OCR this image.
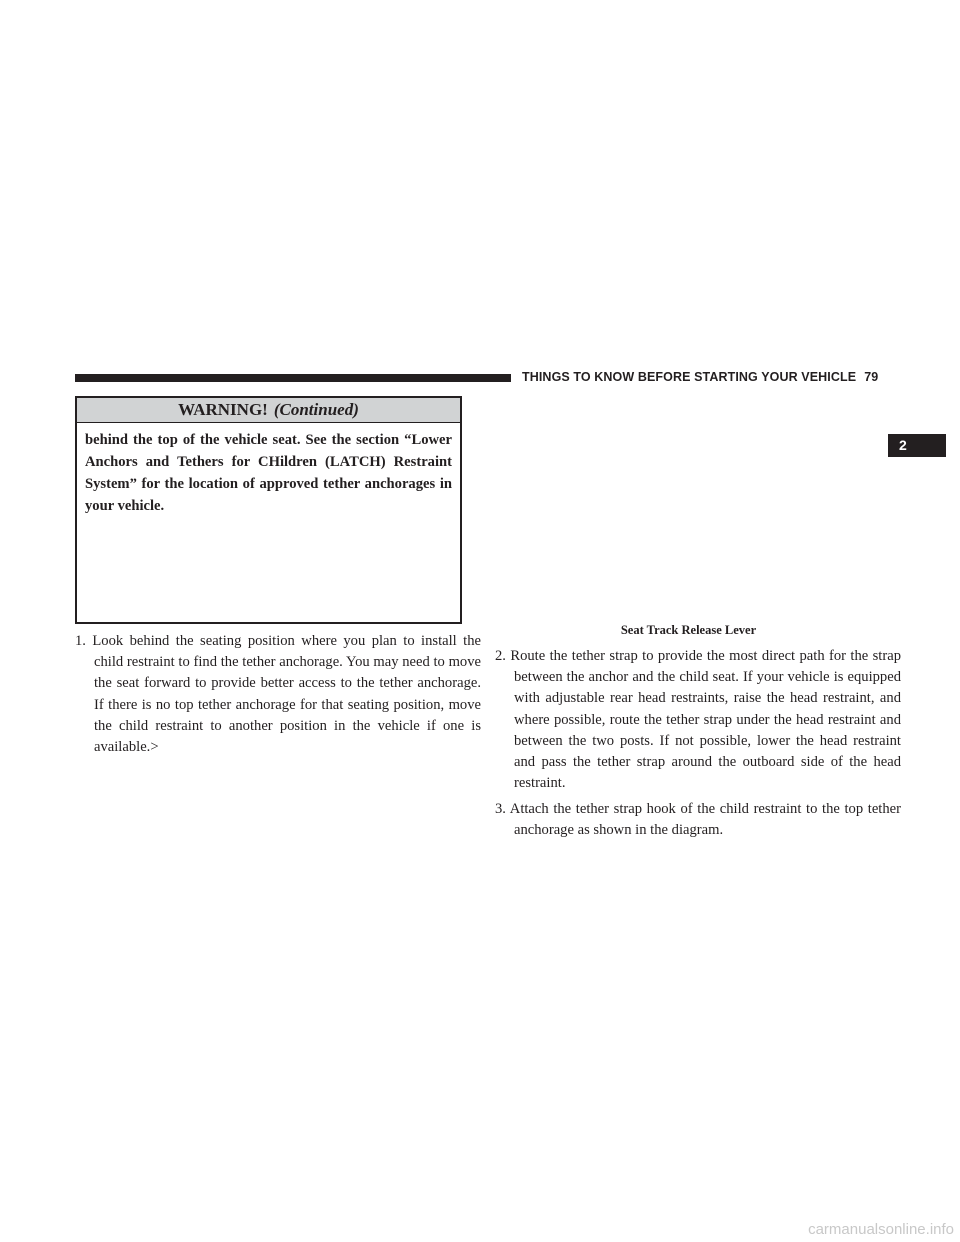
THINGS TO KNOW BEFORE STARTING YOUR VEHICLE 79
2
WARNING! (Continued)
behind the top of the vehicle seat. See the section “Lower Anchors and Tethers for CHildren (LATCH) Restraint System” for the location of approved tether anchorages in your vehicle.
1. Look behind the seating position where you plan to install the child restraint to find the tether anchorage. You may need to move the seat forward to provide better access to the tether anchorage. If there is no top tether anchorage for that seating position, move the child restraint to another position in the vehicle if one is available.>
Seat Track Release Lever
2. Route the tether strap to provide the most direct path for the strap between the anchor and the child seat. If your vehicle is equipped with adjustable rear head restraints, raise the head restraint, and where possible, route the tether strap under the head restraint and between the two posts. If not possible, lower the head restraint and pass the tether strap around the outboard side of the head restraint.
3. Attach the tether strap hook of the child restraint to the top tether anchorage as shown in the diagram.
carmanualsonline.info
